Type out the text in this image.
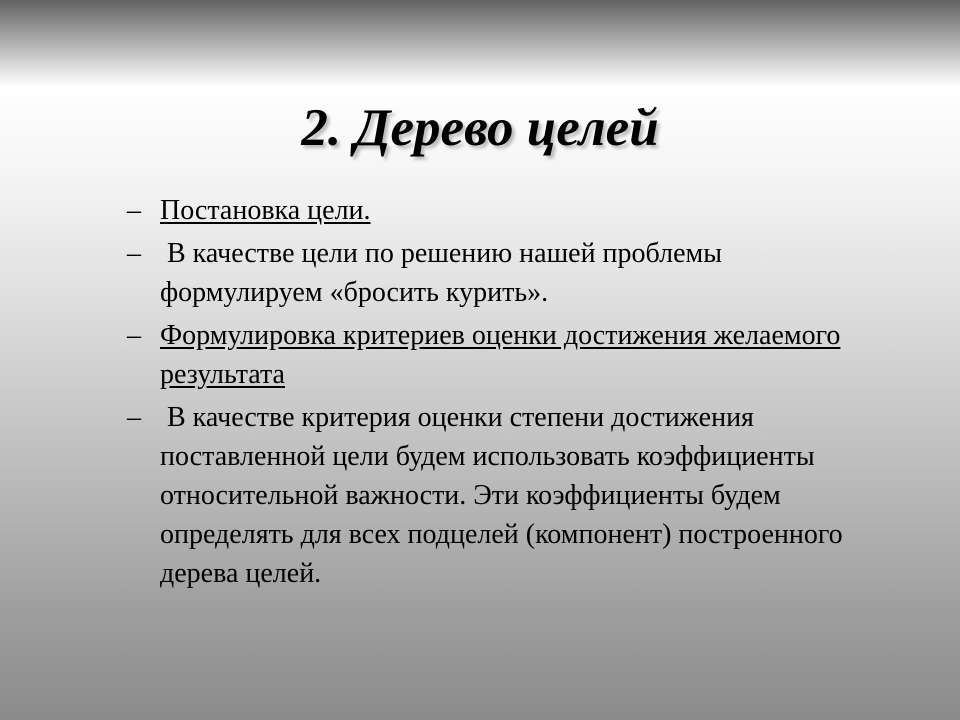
2. Дерево целей
– Постановка цели.
– В качестве цели по решению нашей проблемы формулируем «бросить курить».
– Формулировка критериев оценки достижения желаемого результата
– В качестве критерия оценки степени достижения поставленной цели будем использовать коэффициенты относительной важности. Эти коэффициенты будем определять для всех подцелей (компонент) построенного дерева целей.
